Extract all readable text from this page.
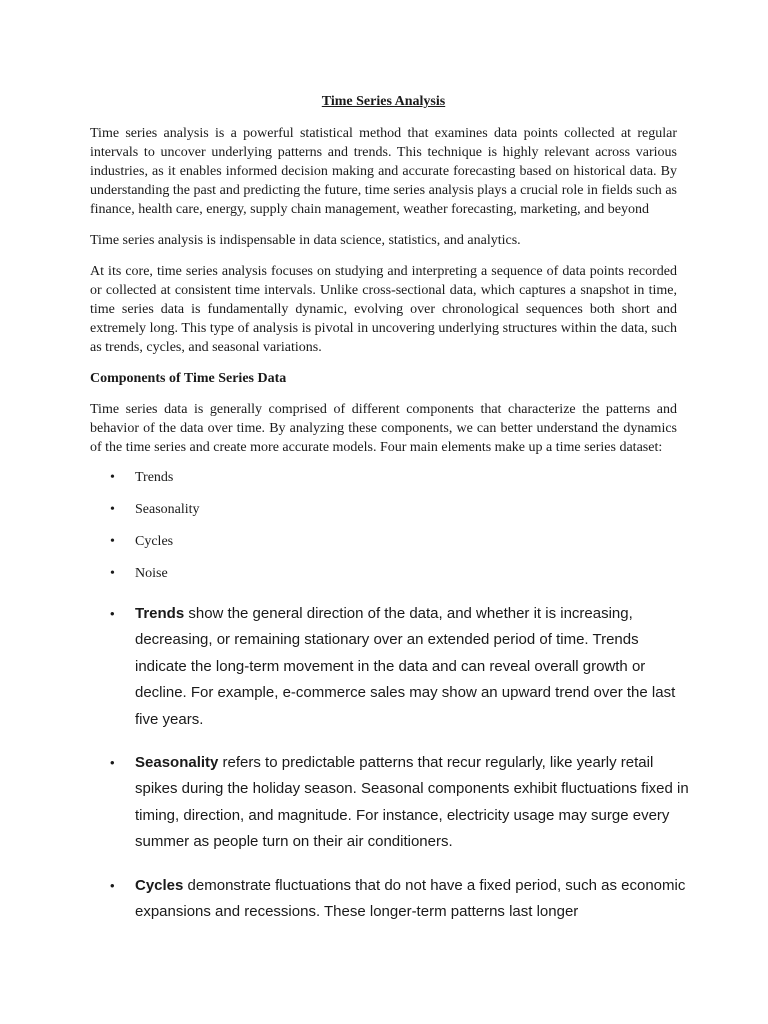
Time Series Analysis

Time series analysis is a powerful statistical method that examines data points collected at regular intervals to uncover underlying patterns and trends. This technique is highly relevant across various industries, as it enables informed decision making and accurate forecasting based on historical data. By understanding the past and predicting the future, time series analysis plays a crucial role in fields such as finance, health care, energy, supply chain management, weather forecasting, marketing, and beyond

Time series analysis is indispensable in data science, statistics, and analytics.

At its core, time series analysis focuses on studying and interpreting a sequence of data points recorded or collected at consistent time intervals. Unlike cross-sectional data, which captures a snapshot in time, time series data is fundamentally dynamic, evolving over chronological sequences both short and extremely long. This type of analysis is pivotal in uncovering underlying structures within the data, such as trends, cycles, and seasonal variations.

Components of Time Series Data

Time series data is generally comprised of different components that characterize the patterns and behavior of the data over time. By analyzing these components, we can better understand the dynamics of the time series and create more accurate models. Four main elements make up a time series dataset:

• Trends
• Seasonality
• Cycles
• Noise
• Trends show the general direction of the data, and whether it is increasing, decreasing, or remaining stationary over an extended period of time. Trends indicate the long-term movement in the data and can reveal overall growth or decline. For example, e-commerce sales may show an upward trend over the last five years.
• Seasonality refers to predictable patterns that recur regularly, like yearly retail spikes during the holiday season. Seasonal components exhibit fluctuations fixed in timing, direction, and magnitude. For instance, electricity usage may surge every summer as people turn on their air conditioners.
• Cycles demonstrate fluctuations that do not have a fixed period, such as economic expansions and recessions. These longer-term patterns last longer
